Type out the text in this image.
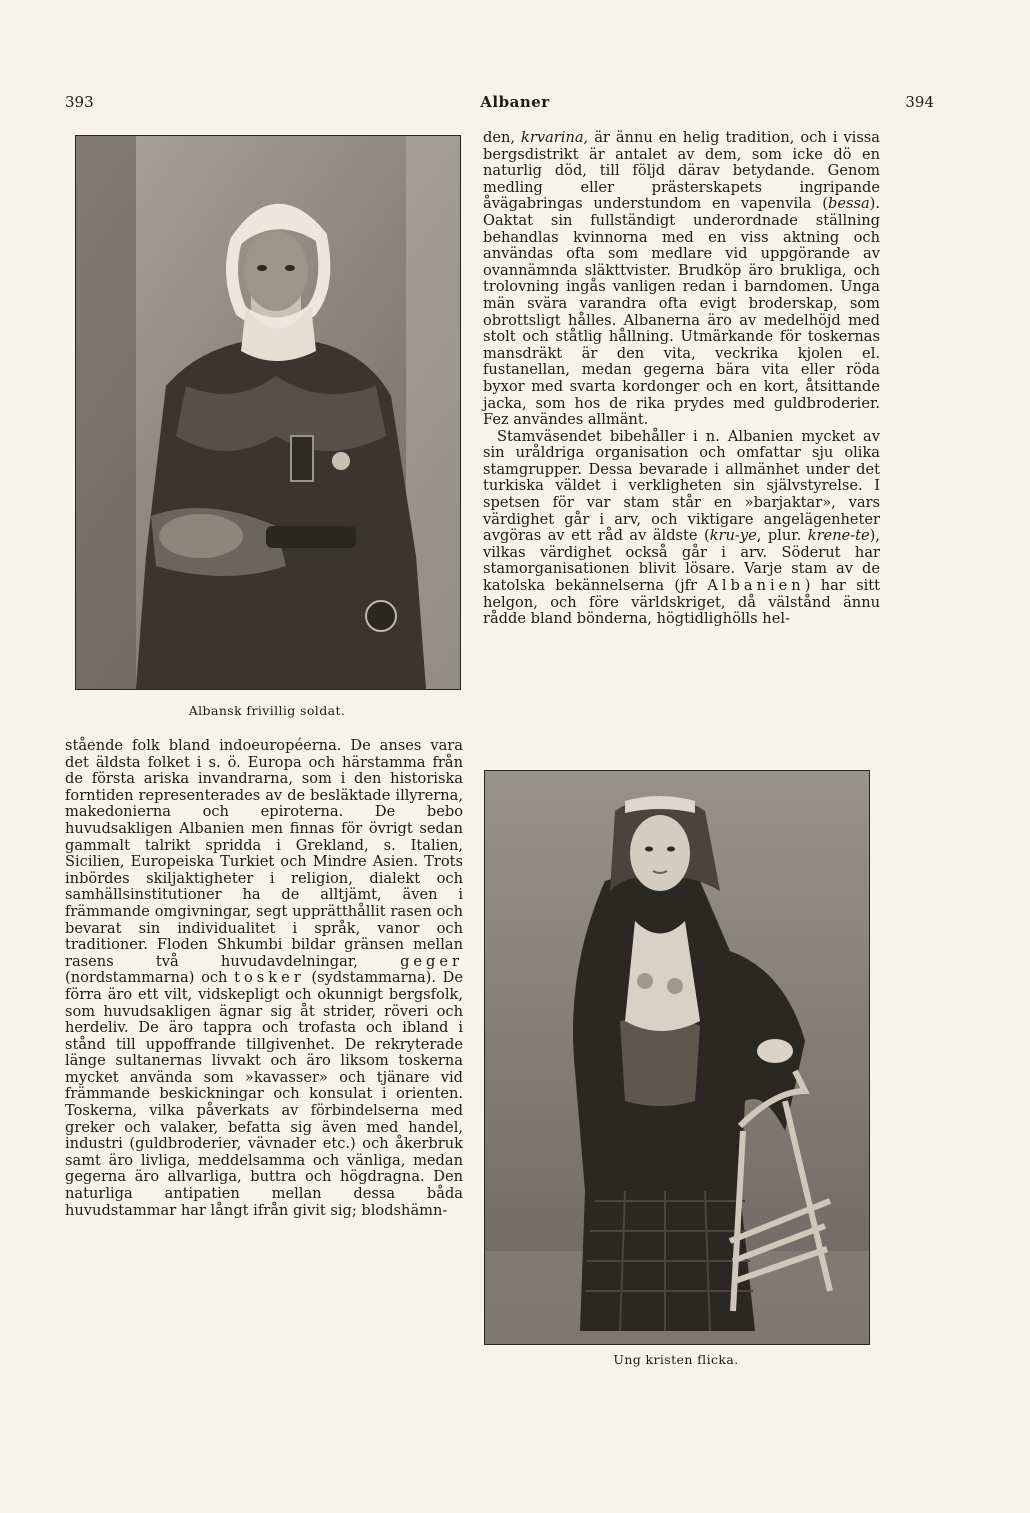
393	Albaner	394
Albansk frivillig soldat.

stående folk bland indoeuropéerna. De anses vara det äldsta folket i s. ö. Europa och härstamma från de första ariska invandrarna, som i den historiska forntiden representerades av de besläktade illyrerna, makedonierna och epiroterna. De bebo huvudsakligen Albanien men finnas för övrigt sedan gammalt talrikt spridda i Grekland, s. Italien, Sicilien, Europeiska Turkiet och Mindre Asien. Trots inbördes skiljaktigheter i religion, dialekt och samhällsinstitutioner ha de alltjämt, även i främmande omgivningar, segt upprätthållit rasen och bevarat sin individualitet i språk, vanor och traditioner. Floden Shkumbi bildar gränsen mellan rasens två huvudavdelningar,	geger (nordstammarna) och tosker (sydstammarna). De förra äro ett vilt, vidskepligt och okunnigt bergsfolk, som huvudsakligen ägnar sig åt strider, röveri och herdeliv. De äro tappra och trofasta och ibland i stånd till uppoffrande tillgivenhet. De rekryterade länge sultanernas livvakt och äro liksom toskerna mycket använda som »kavasser» och tjänare vid främmande beskickningar och konsulat i orienten. Toskerna, vilka påverkats av förbindelserna med greker och valaker, befatta sig även med handel, industri (guldbroderier, vävnader etc.) och åkerbruk samt äro livliga, meddelsamma och vänliga, medan gegerna äro allvarliga, buttra och högdragna. Den naturliga antipatien mellan dessa båda huvudstammar har långt ifrån givit sig; blodshämn-

den, krvarina, är ännu en helig tradition, och i vissa bergsdistrikt är antalet av dem, som icke dö en naturlig död, till följd därav betydande. Genom medling eller prästerskapets ingripande åvägabringas understundom en vapenvila (bessa). Oaktat sin fullständigt underordnade ställning behandlas kvinnorna med en viss aktning och användas ofta som medlare vid uppgörande av ovannämnda släkttvister. Brudköp äro brukliga, och trolovning ingås vanligen redan i barndomen. Unga män svära varandra ofta evigt broderskap, som obrottsligt hålles. Albanerna äro av medelhöjd med stolt och ståtlig hållning. Utmärkande för toskernas mansdräkt är den vita, veckrika kjolen el. fustanellan, medan gegerna bära vita eller röda byxor med svarta kordonger och en kort, åtsittande jacka, som hos de rika prydes med guldbroderier. Fez användes allmänt.

Stamväsendet bibehåller i n. Albanien mycket av sin uråldriga organisation och omfattar sju olika stamgrupper. Dessa bevarade i allmänhet under det turkiska väldet i verkligheten sin självstyrelse. I spetsen för var stam står en »barjaktar», vars värdighet går i arv, och viktigare angelägenheter avgöras av ett råd av äldste (kru-ye, plur. krene-te), vilkas värdighet också går i arv. Söderut har stamorganisationen blivit lösare. Varje stam av de katolska bekännelserna (jfr Albanien) har sitt helgon, och före världskriget, då välstånd ännu rådde bland bönderna, högtidlighölls hel-

Ung kristen flicka.
